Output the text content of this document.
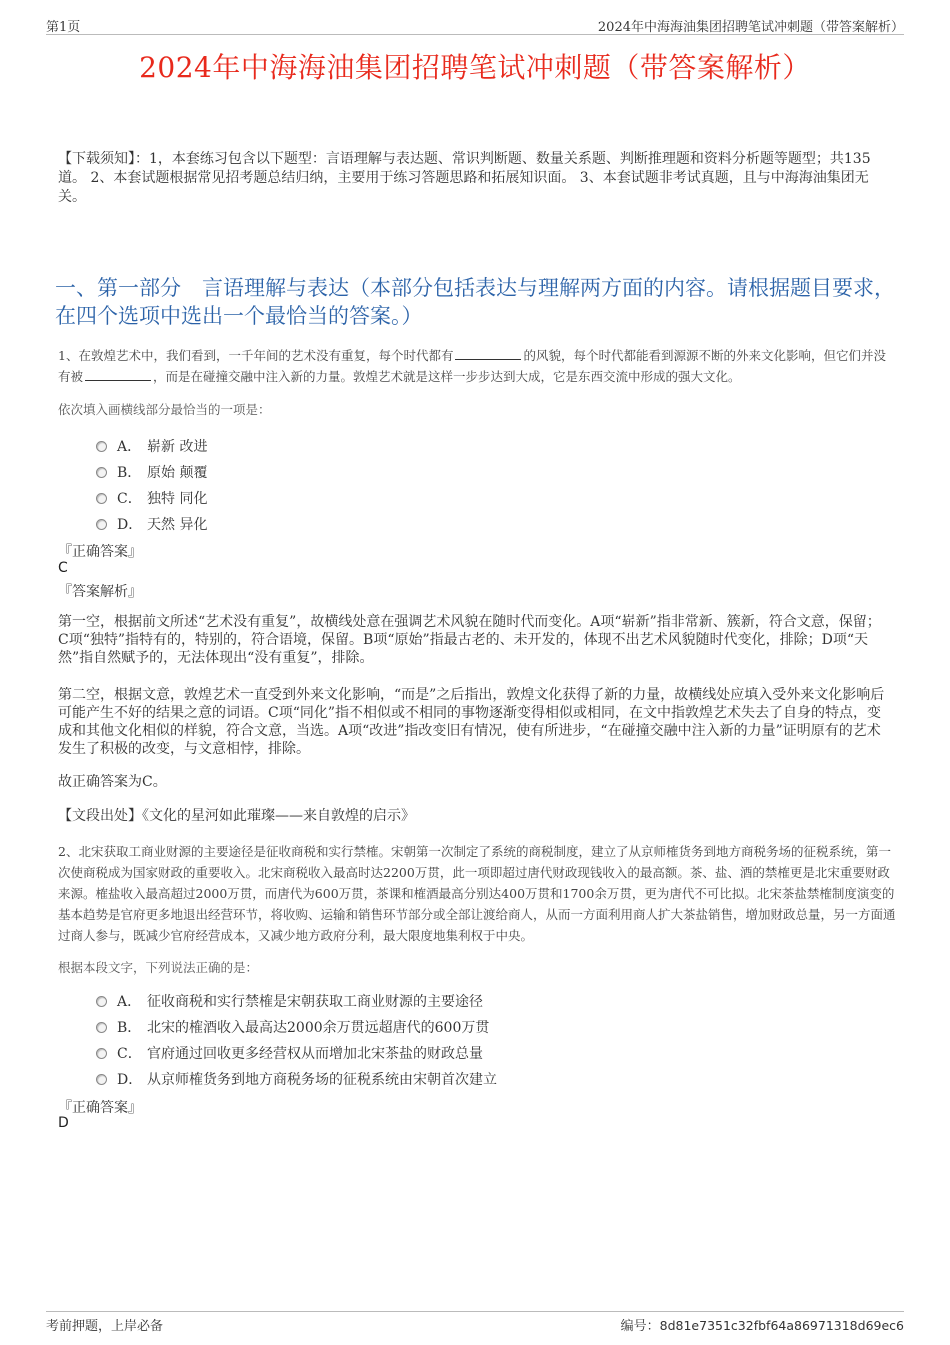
第1页	2024年中海海油集团招聘笔试冲刺题（带答案解析）
2024年中海海油集团招聘笔试冲刺题（带答案解析）
【下载须知】：1，本套练习包含以下题型：言语理解与表达题、常识判断题、数量关系题、判断推理题和资料分析题等题型；共135道。 2、本套试题根据常见招考题总结归纳，主要用于练习答题思路和拓展知识面。 3、本套试题非考试真题，且与中海海油集团无关。
一、第一部分　言语理解与表达（本部分包括表达与理解两方面的内容。请根据题目要求，在四个选项中选出一个最恰当的答案。）
1、在敦煌艺术中，我们看到，一千年间的艺术没有重复，每个时代都有	的风貌，每个时代都能看到源源不断的外来文化影响，但它们并没有被	，而是在碰撞交融中注入新的力量。敦煌艺术就是这样一步步达到大成，它是东西交流中形成的强大文化。
依次填入画横线部分最恰当的一项是：
A． 崭新 改进
B． 原始 颠覆
C． 独特 同化
D． 天然 异化
『正确答案』
C
『答案解析』
第一空，根据前文所述“艺术没有重复”，故横线处意在强调艺术风貌在随时代而变化。A项“崭新”指非常新、簇新，符合文意，保留；C项“独特”指特有的，特别的，符合语境，保留。B项“原始”指最古老的、未开发的，体现不出艺术风貌随时代变化，排除；D项“天然”指自然赋予的，无法体现出“没有重复”，排除。
第二空，根据文意，敦煌艺术一直受到外来文化影响，“而是”之后指出，敦煌文化获得了新的力量，故横线处应填入受外来文化影响后可能产生不好的结果之意的词语。C项“同化”指不相似或不相同的事物逐渐变得相似或相同，在文中指敦煌艺术失去了自身的特点，变成和其他文化相似的样貌，符合文意，当选。A项“改进”指改变旧有情况，使有所进步，“在碰撞交融中注入新的力量”证明原有的艺术发生了积极的改变，与文意相悖，排除。
故正确答案为C。
【文段出处】《文化的星河如此璀璨——来自敦煌的启示》
2、北宋获取工商业财源的主要途径是征收商税和实行禁榷。宋朝第一次制定了系统的商税制度，建立了从京师榷货务到地方商税务场的征税系统，第一次使商税成为国家财政的重要收入。北宋商税收入最高时达2200万贯，此一项即超过唐代财政现钱收入的最高额。茶、盐、酒的禁榷更是北宋重要财政来源。榷盐收入最高超过2000万贯，而唐代为600万贯，茶课和榷酒最高分别达400万贯和1700余万贯，更为唐代不可比拟。北宋茶盐禁榷制度演变的基本趋势是官府更多地退出经营环节，将收购、运输和销售环节部分或全部让渡给商人，从而一方面利用商人扩大茶盐销售，增加财政总量，另一方面通过商人参与，既减少官府经营成本，又减少地方政府分利，最大限度地集利权于中央。
根据本段文字，下列说法正确的是：
A． 征收商税和实行禁榷是宋朝获取工商业财源的主要途径
B． 北宋的榷酒收入最高达2000余万贯远超唐代的600万贯
C． 官府通过回收更多经营权从而增加北宋茶盐的财政总量
D． 从京师榷货务到地方商税务场的征税系统由宋朝首次建立
『正确答案』
D
考前押题，上岸必备	编号：8d81e7351c32fbf64a86971318d69ec6
